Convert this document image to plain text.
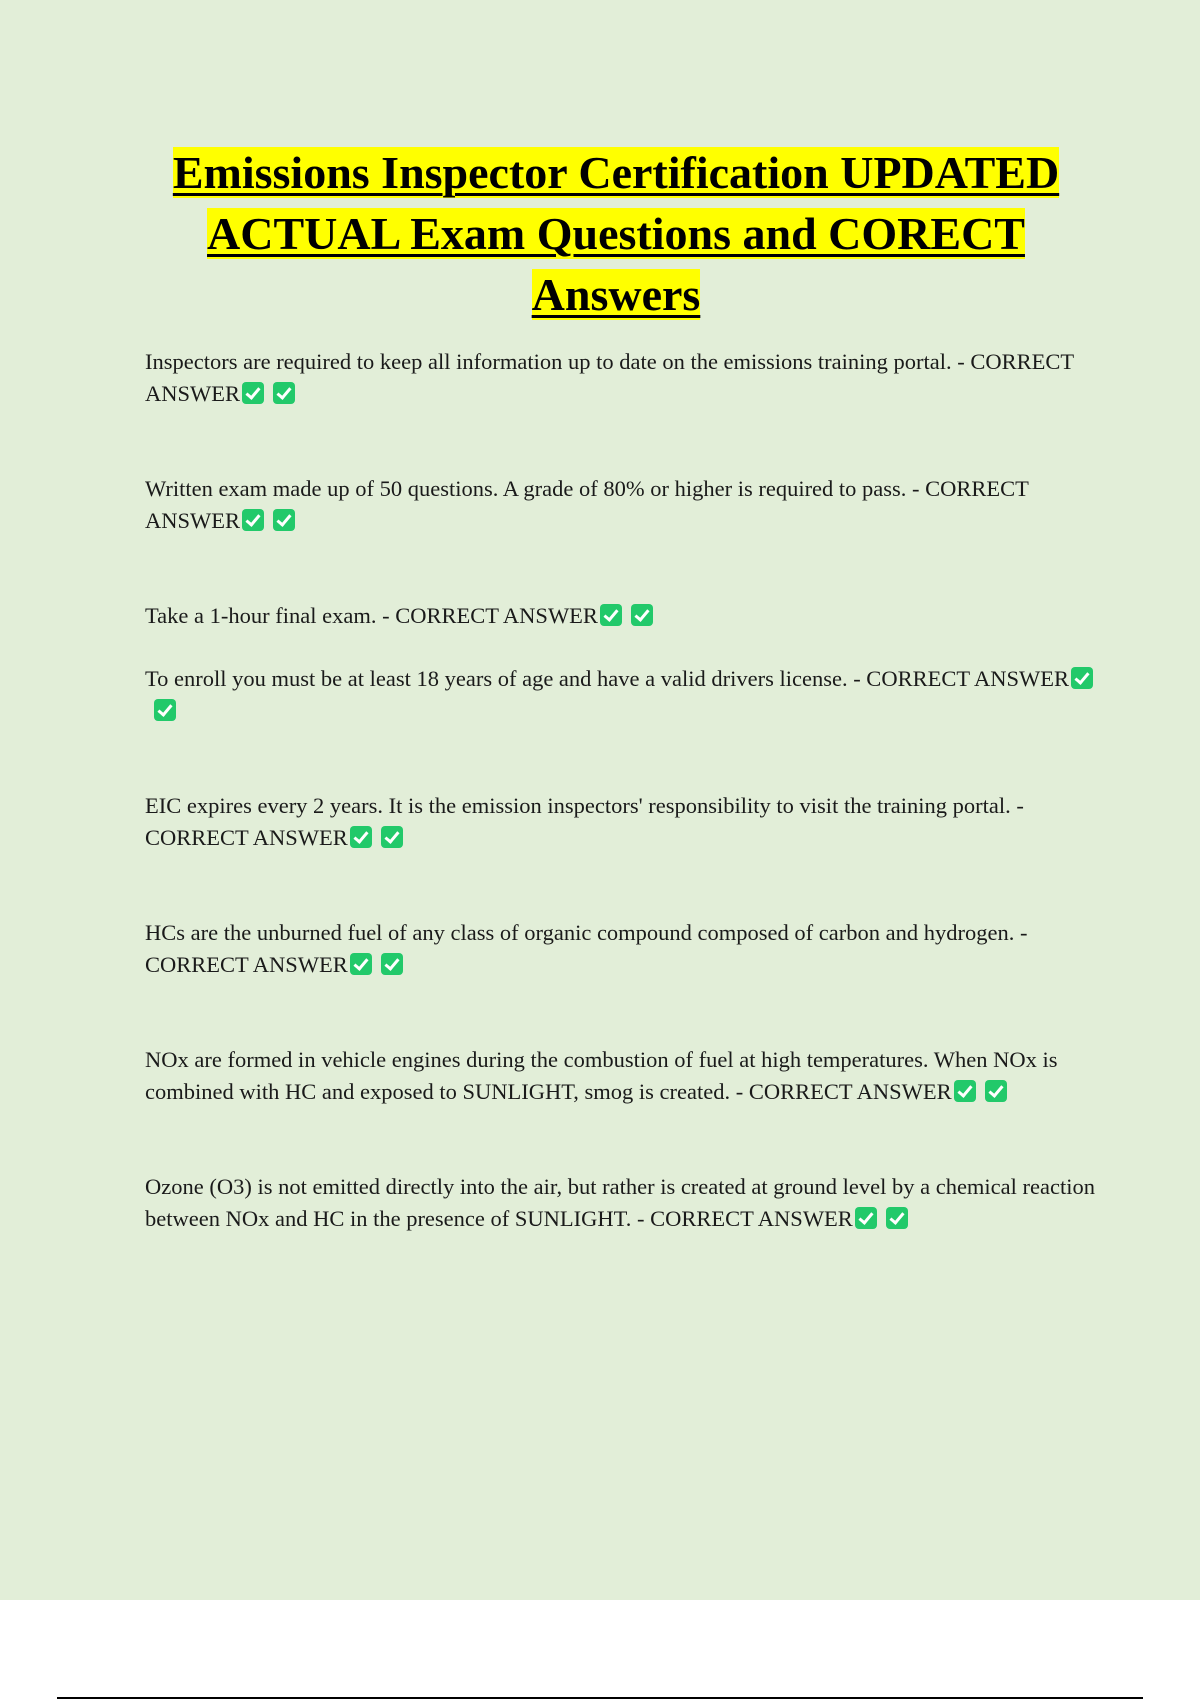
Emissions Inspector Certification UPDATED ACTUAL Exam Questions and CORECT Answers

Inspectors are required to keep all information up to date on the emissions training portal. - CORRECT ANSWER

Written exam made up of 50 questions. A grade of 80% or higher is required to pass. - CORRECT ANSWER

Take a 1-hour final exam. - CORRECT ANSWER

To enroll you must be at least 18 years of age and have a valid drivers license. - CORRECT ANSWER

EIC expires every 2 years. It is the emission inspectors' responsibility to visit the training portal. - CORRECT ANSWER

HCs are the unburned fuel of any class of organic compound composed of carbon and hydrogen. - CORRECT ANSWER

NOx are formed in vehicle engines during the combustion of fuel at high temperatures. When NOx is combined with HC and exposed to SUNLIGHT, smog is created. - CORRECT ANSWER

Ozone (O3) is not emitted directly into the air, but rather is created at ground level by a chemical reaction between NOx and HC in the presence of SUNLIGHT. - CORRECT ANSWER
